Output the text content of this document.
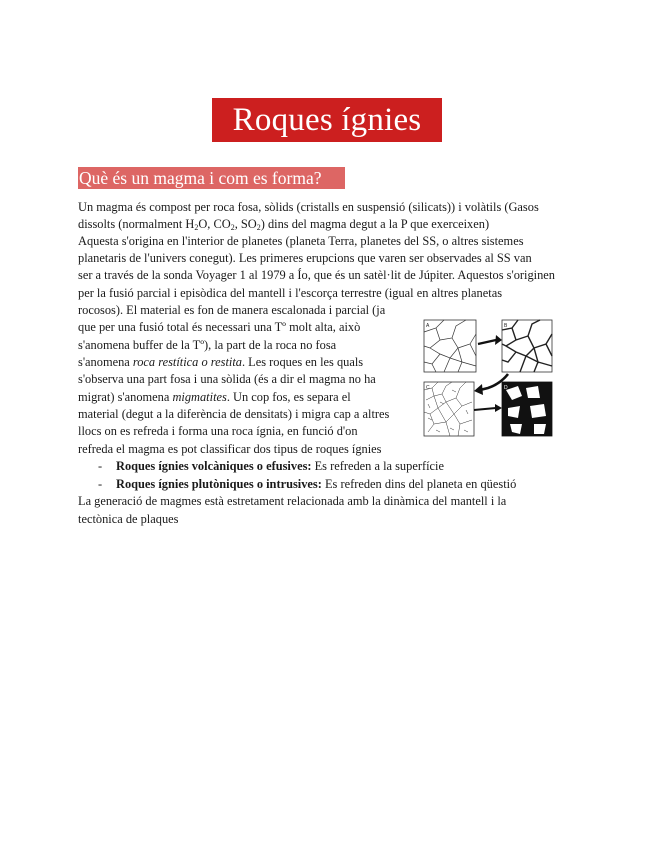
Roques ígnies
Què és un magma i com es forma?
Un magma és compost per roca fosa, sòlids (cristalls en suspensió (silicats)) i volàtils (Gasos
dissolts (normalment $H_2O$, $CO_2$, $SO_2$) dins del magma degut a la P que exerceixen)
Aquesta s'origina en l'interior de planetes (planeta Terra, planetes del SS, o altres sistemes
planetaris de l'univers conegut). Les primeres erupcions que varen ser observades al SS van
ser a través de la sonda Voyager 1 al 1979 a Ío, que és un satèl·lit de Júpiter. Aquestos s'originen
per la fusió parcial i episòdica del mantell i l'escorça terrestre (igual en altres planetas
rocosos). El material es fon de manera escalonada i parcial (ja
que per una fusió total és necessari una Tº molt alta, això
s'anomena buffer de la Tº), la part de la roca no fosa
s'anomena roca restítica o restita. Les roques en les quals
s'observa una part fosa i una sòlida (és a dir el magma no ha
migrat) s'anomena migmatites. Un cop fos, es separa el
material (degut a la diferència de densitats) i migra cap a altres
llocs on es refreda i forma una roca ígnia, en funció d'on
refreda el magma es pot classificar dos tipus de roques ígnies
- Roques ígnies volcàniques o efusives: Es refreden a la superfície
- Roques ígnies plutòniques o intrusives: Es refreden dins del planeta en qüestió
La generació de magmes està estretament relacionada amb la dinàmica del mantell i la
tectònica de plaques
A	B
C	D
